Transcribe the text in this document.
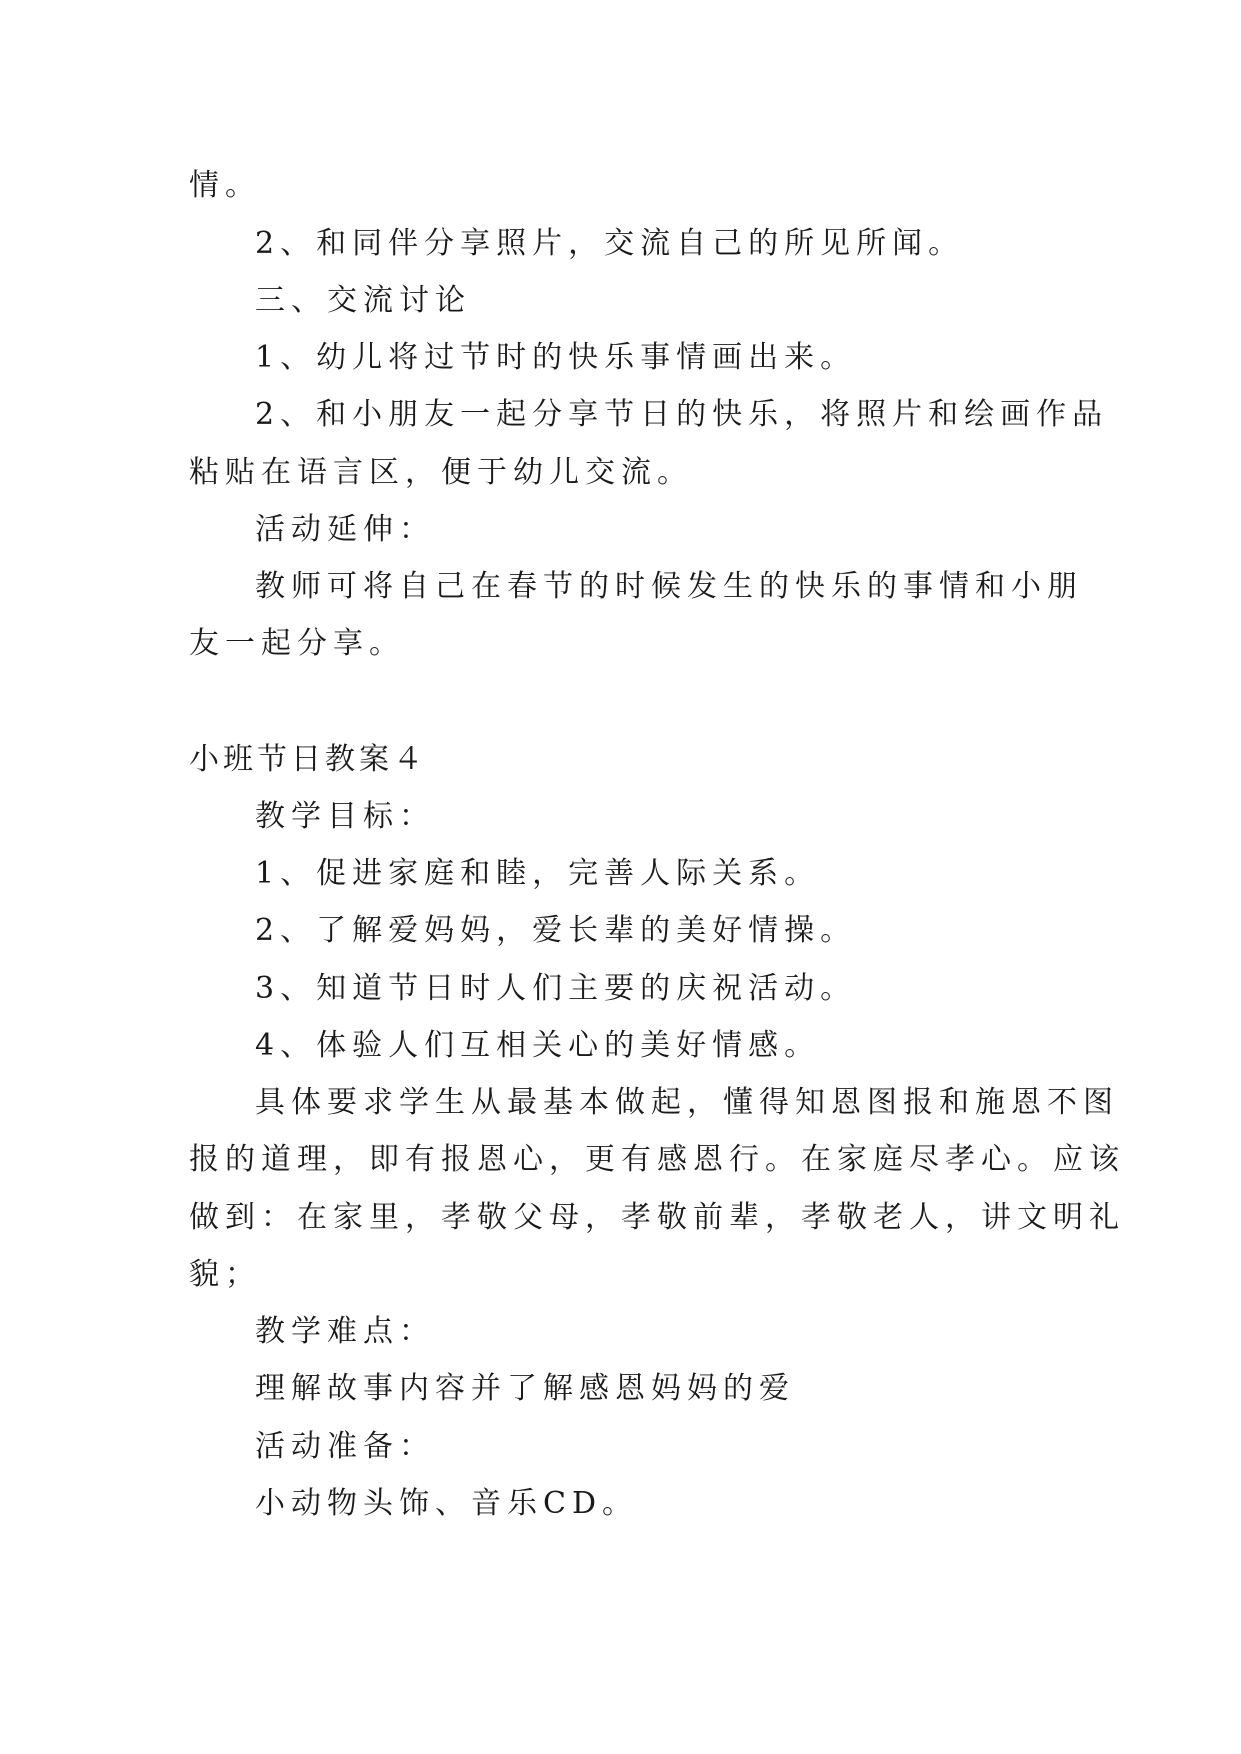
情。
2、和同伴分享照片，交流自己的所见所闻。
三、交流讨论
1、幼儿将过节时的快乐事情画出来。
2、和小朋友一起分享节日的快乐，将照片和绘画作品
粘贴在语言区，便于幼儿交流。
活动延伸：
教师可将自己在春节的时候发生的快乐的事情和小朋
友一起分享。
小班节日教案４
教学目标：
1、促进家庭和睦，完善人际关系。
2、了解爱妈妈，爱长辈的美好情操。
3、知道节日时人们主要的庆祝活动。
4、体验人们互相关心的美好情感。
具体要求学生从最基本做起，懂得知恩图报和施恩不图
报的道理，即有报恩心，更有感恩行。在家庭尽孝心。应该
做到：在家里，孝敬父母，孝敬前辈，孝敬老人，讲文明礼
貌；
教学难点：
理解故事内容并了解感恩妈妈的爱
活动准备：
小动物头饰、音乐CD。
